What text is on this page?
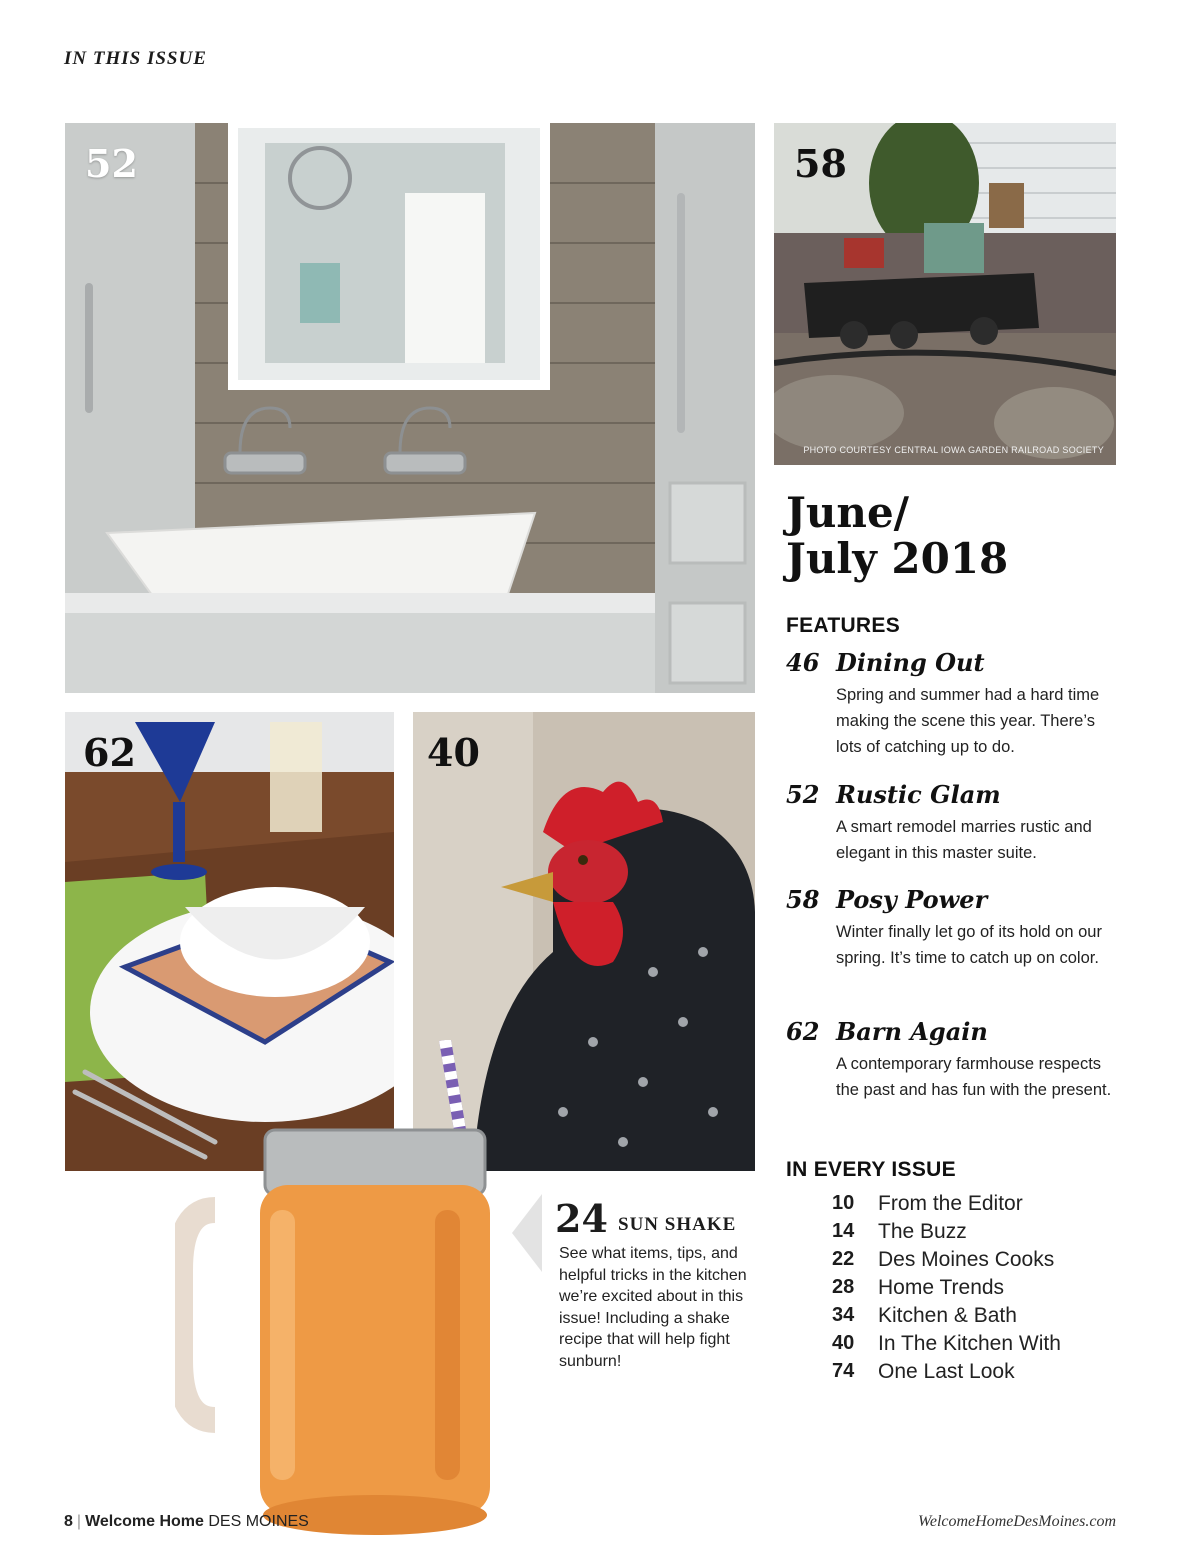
IN THIS ISSUE
52	58
PHOTO COURTESY CENTRAL IOWA GARDEN RAILROAD SOCIETY
62	40
June/
July 2018
FEATURES
46 Dining Out
Spring and summer had a hard time making the scene this year. There’s lots of catching up to do.
52 Rustic Glam
A smart remodel marries rustic and elegant in this master suite.
58 Posy Power
Winter finally let go of its hold on our spring. It’s time to catch up on color.
62 Barn Again
A contemporary farmhouse respects the past and has fun with the present.
IN EVERY ISSUE
10 From the Editor
14 The Buzz
22 Des Moines Cooks
28 Home Trends
34 Kitchen & Bath
40 In The Kitchen With
74 One Last Look
24 SUN SHAKE
See what items, tips, and helpful tricks in the kitchen we’re excited about in this issue! Including a shake recipe that will help fight sunburn!
8 | Welcome Home DES MOINES	WelcomeHomeDesMoines.com
